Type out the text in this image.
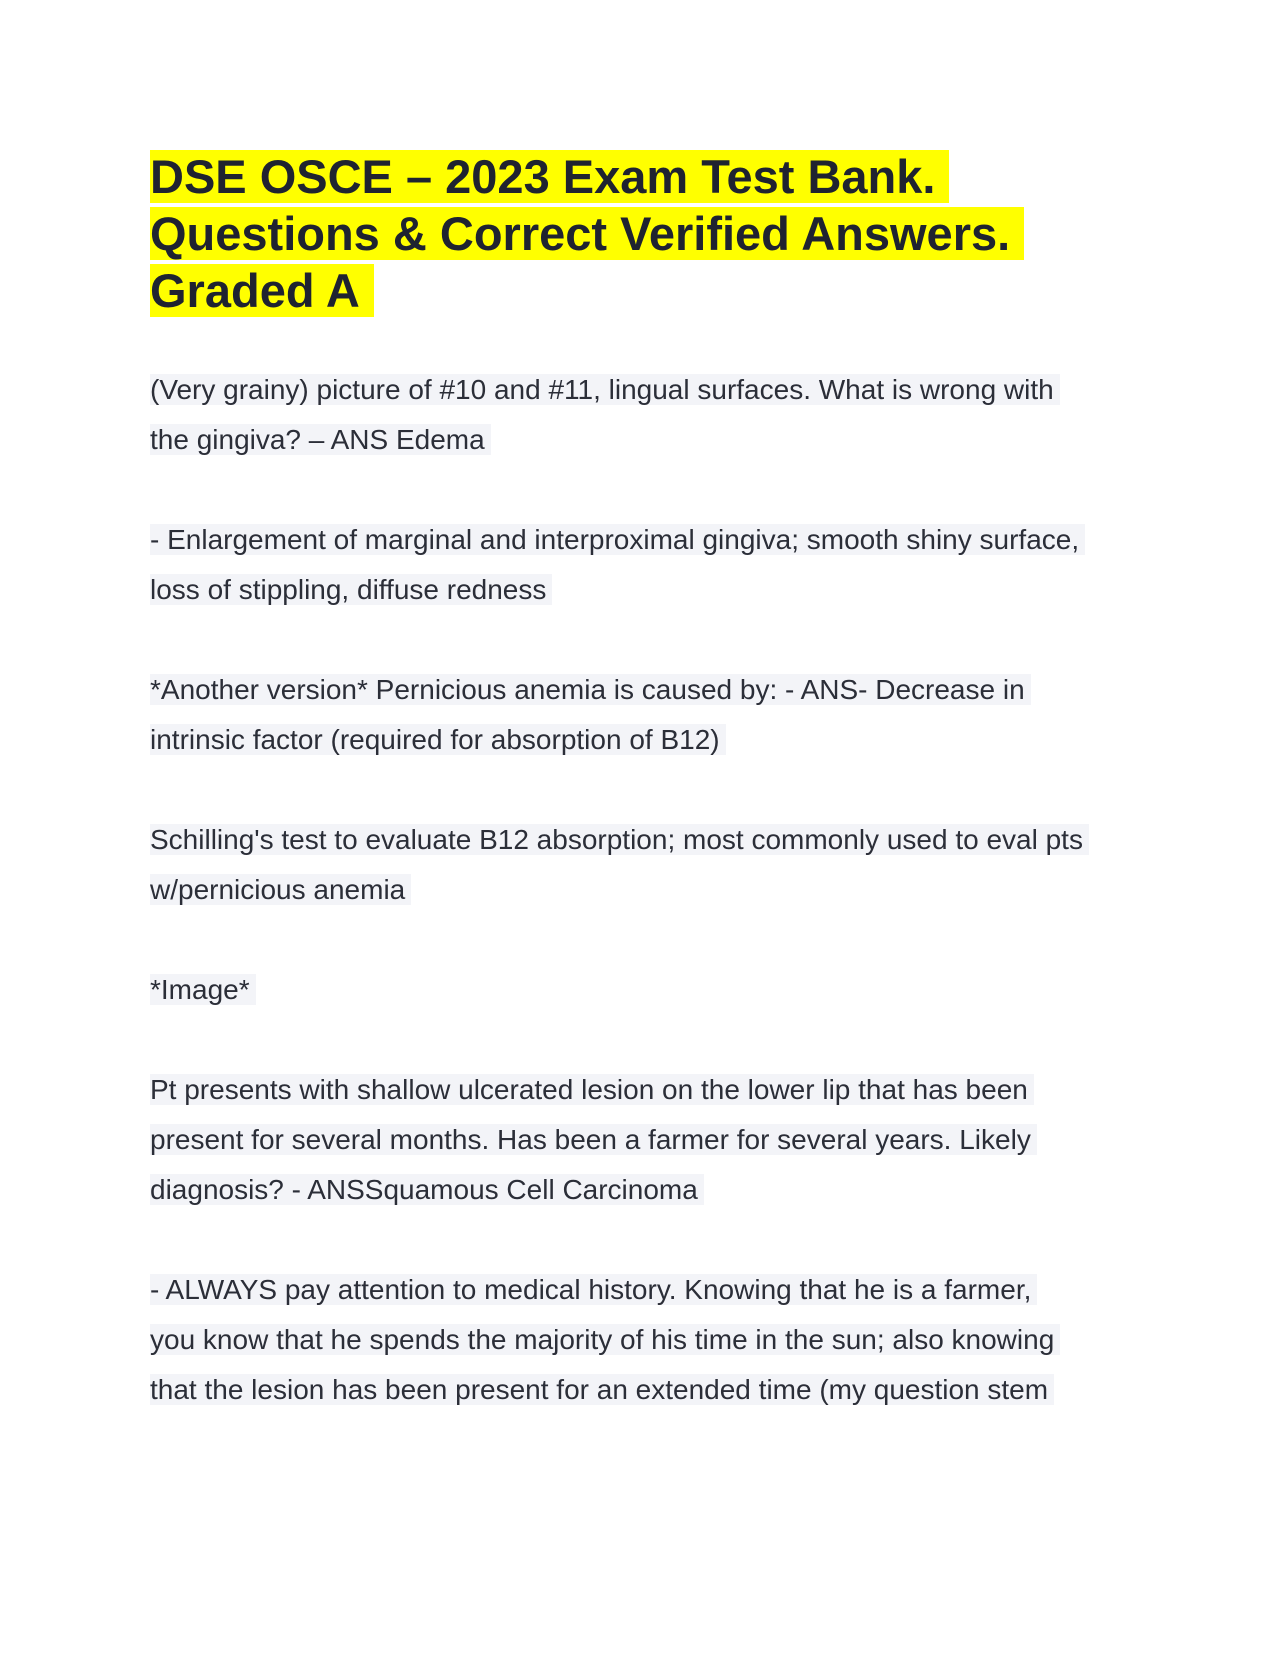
DSE OSCE – 2023 Exam Test Bank.
Questions & Correct Verified Answers.
Graded A

(Very grainy) picture of #10 and #11, lingual surfaces. What is wrong with
the gingiva? – ANS Edema

- Enlargement of marginal and interproximal gingiva; smooth shiny surface,
loss of stippling, diffuse redness

*Another version* Pernicious anemia is caused by: - ANS- Decrease in
intrinsic factor (required for absorption of B12)

Schilling's test to evaluate B12 absorption; most commonly used to eval pts
w/pernicious anemia

*Image*

Pt presents with shallow ulcerated lesion on the lower lip that has been
present for several months. Has been a farmer for several years. Likely
diagnosis? - ANSSquamous Cell Carcinoma

- ALWAYS pay attention to medical history. Knowing that he is a farmer,
you know that he spends the majority of his time in the sun; also knowing
that the lesion has been present for an extended time (my question stem
